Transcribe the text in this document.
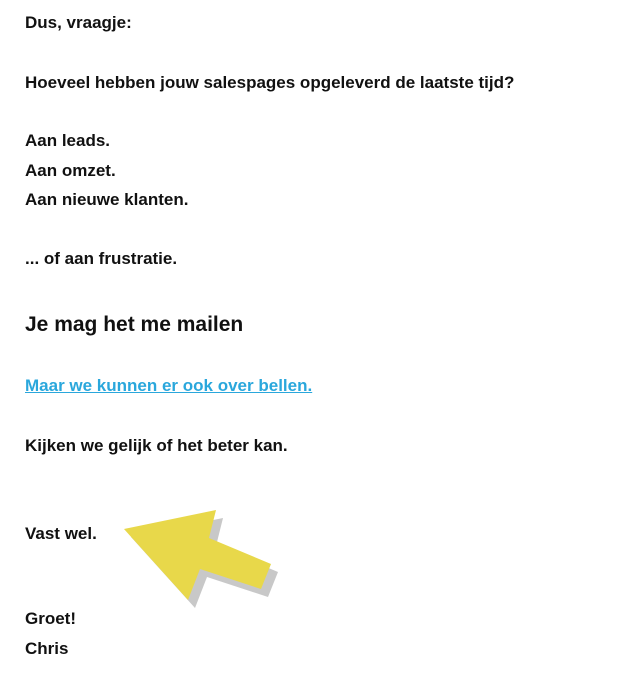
Dus, vraagje:
Hoeveel hebben jouw salespages opgeleverd de laatste tijd?
Aan leads.
Aan omzet.
Aan nieuwe klanten.
... of aan frustratie.
Je mag het me mailen
Maar we kunnen er ook over bellen.
Kijken we gelijk of het beter kan.
Vast wel.
Groet!
Chris
